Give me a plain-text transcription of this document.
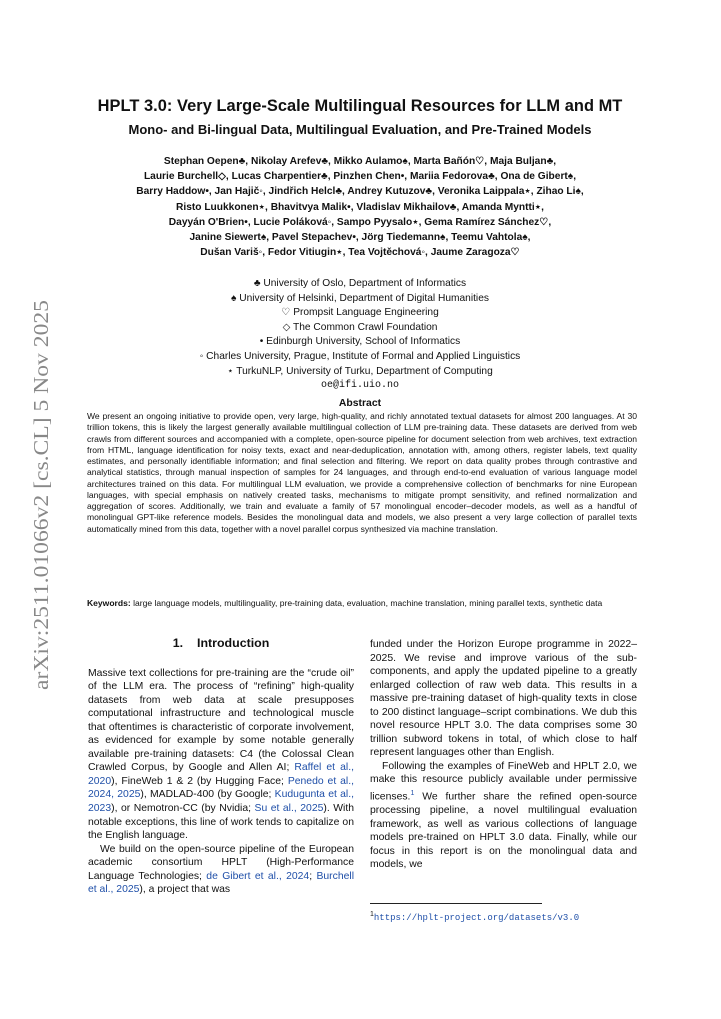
arXiv:2511.01066v2 [cs.CL] 5 Nov 2025
HPLT 3.0: Very Large-Scale Multilingual Resources for LLM and MT
Mono- and Bi-lingual Data, Multilingual Evaluation, and Pre-Trained Models
Stephan Oepen♣, Nikolay Arefev♣, Mikko Aulamo♠, Marta Bañón♡, Maja Buljan♣,
Laurie Burchell◇, Lucas Charpentier♣, Pinzhen Chen•, Mariia Fedorova♣, Ona de Gibert♠,
Barry Haddow•, Jan Hajič◦, Jindřich Helcl♣, Andrey Kutuzov♣, Veronika Laippala⋆, Zihao Li♠,
Risto Luukkonen⋆, Bhavitvya Malik•, Vladislav Mikhailov♣, Amanda Myntti⋆,
Dayyán O'Brien•, Lucie Poláková◦, Sampo Pyysalo⋆, Gema Ramírez Sánchez♡,
Janine Siewert♠, Pavel Stepachev•, Jörg Tiedemann♠, Teemu Vahtola♠,
Dušan Variš◦, Fedor Vitiugin⋆, Tea Vojtěchová◦, Jaume Zaragoza♡
♣ University of Oslo, Department of Informatics
♠ University of Helsinki, Department of Digital Humanities
♡ Prompsit Language Engineering
◇ The Common Crawl Foundation
• Edinburgh University, School of Informatics
◦ Charles University, Prague, Institute of Formal and Applied Linguistics
⋆ TurkuNLP, University of Turku, Department of Computing
oe@ifi.uio.no
Abstract
We present an ongoing initiative to provide open, very large, high-quality, and richly annotated textual datasets for almost 200 languages. At 30 trillion tokens, this is likely the largest generally available multilingual collection of LLM pre-training data. These datasets are derived from web crawls from different sources and accompanied with a complete, open-source pipeline for document selection from web archives, text extraction from HTML, language identification for noisy texts, exact and near-deduplication, annotation with, among others, register labels, text quality estimates, and personally identifiable information; and final selection and filtering. We report on data quality probes through contrastive and analytical statistics, through manual inspection of samples for 24 languages, and through end-to-end evaluation of various language model architectures trained on this data. For multilingual LLM evaluation, we provide a comprehensive collection of benchmarks for nine European languages, with special emphasis on natively created tasks, mechanisms to mitigate prompt sensitivity, and refined normalization and aggregation of scores. Additionally, we train and evaluate a family of 57 monolingual encoder–decoder models, as well as a handful of monolingual GPT-like reference models. Besides the monolingual data and models, we also present a very large collection of parallel texts automatically mined from this data, together with a novel parallel corpus synthesized via machine translation.
Keywords: large language models, multilinguality, pre-training data, evaluation, machine translation, mining parallel texts, synthetic data
1. Introduction

Massive text collections for pre-training are the “crude oil” of the LLM era. The process of “refining” high-quality datasets from web data at scale presupposes computational infrastructure and technological muscle that oftentimes is characteristic of corporate involvement, as evidenced for example by some notable generally available pre-training datasets: C4 (the Colossal Clean Crawled Corpus, by Google and Allen AI; Raffel et al., 2020), FineWeb 1 & 2 (by Hugging Face; Penedo et al., 2024, 2025), MADLAD-400 (by Google; Kudugunta et al., 2023), or Nemotron-CC (by Nvidia; Su et al., 2025). With notable exceptions, this line of work tends to capitalize on the English language.

We build on the open-source pipeline of the European academic consortium HPLT (High-Performance Language Technologies; de Gibert et al., 2024; Burchell et al., 2025), a project that was

funded under the Horizon Europe programme in 2022–2025. We revise and improve various of the sub-components, and apply the updated pipeline to a greatly enlarged collection of raw web data. This results in a massive pre-training dataset of high-quality texts in close to 200 distinct language–script combinations. We dub this novel resource HPLT 3.0. The data comprises some 30 trillion subword tokens in total, of which close to half represent languages other than English.

Following the examples of FineWeb and HPLT 2.0, we make this resource publicly available under permissive licenses.$^1$ We further share the refined open-source processing pipeline, a novel multilingual evaluation framework, as well as various collections of language models pre-trained on HPLT 3.0 data. Finally, while our focus in this report is on the monolingual data and models, we

$^1$https://hplt-project.org/datasets/v3.0
